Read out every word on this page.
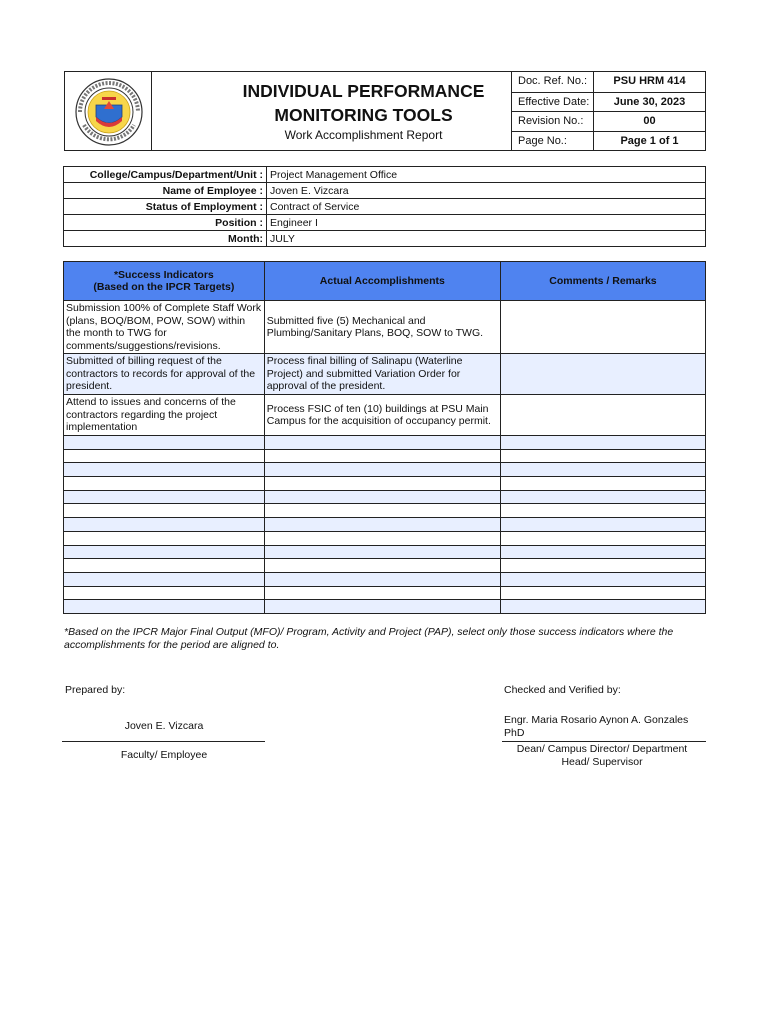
INDIVIDUAL PERFORMANCE
MONITORING TOOLS
Work Accomplishment Report
Doc. Ref. No.:	PSU HRM 414
Effective Date:	June 30, 2023
Revision No.:	00
Page No.:	Page 1 of 1
College/Campus/Department/Unit :	Project Management Office
Name of Employee :	Joven E. Vizcara
Status of Employment :	Contract of Service
Position :	Engineer I
Month:	JULY
*Success Indicators
(Based on the IPCR Targets)	Actual Accomplishments	Comments / Remarks
Submission 100% of Complete Staff Work (plans, BOQ/BOM, POW, SOW) within the month to TWG for comments/suggestions/revisions.	Submitted five (5) Mechanical and Plumbing/Sanitary Plans, BOQ, SOW to TWG.	
Submitted of billing request of the contractors to records for approval of the president.	Process final billing of Salinapu (Waterline Project) and submitted Variation Order for approval of the president.	
Attend to issues and concerns of the contractors regarding the project implementation	Process FSIC of ten (10) buildings at PSU Main Campus for the acquisition of occupancy permit.	

*Based on the IPCR Major Final Output (MFO)/ Program, Activity and Project (PAP), select only those success indicators where the accomplishments for the period are aligned to.
Prepared by:
Joven E. Vizcara
Faculty/ Employee
Checked and Verified by:
Engr. Maria Rosario Aynon A. Gonzales PhD
Dean/ Campus Director/ Department Head/ Supervisor
